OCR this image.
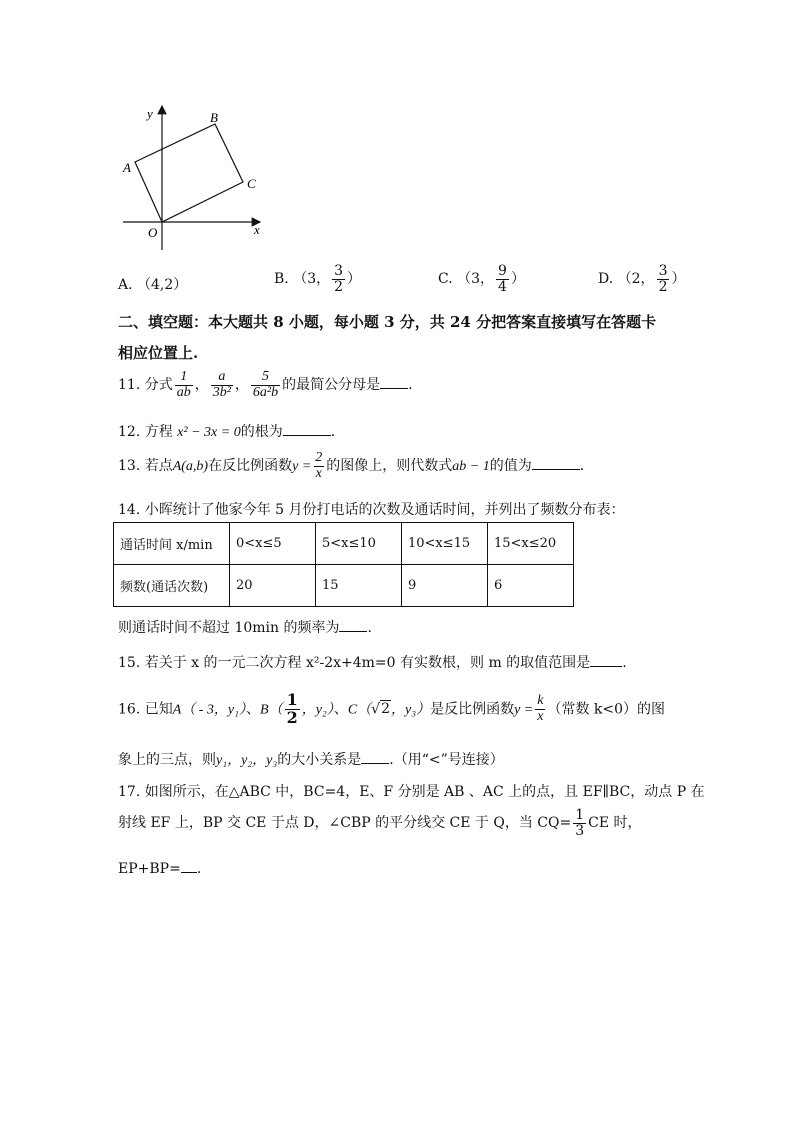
y
x
O
A
B
C
A. （4,2）	B. （3， $\frac{3}{2}$ ）	C. （3， $\frac{9}{4}$ ）	D. （2， $\frac{3}{2}$ ）
二、填空题：本大题共 8 小题，每小题 3 分，共 24 分把答案直接填写在答题卡
相应位置上.
11. 分式 $\frac{1}{ab}$ ， $\frac{a}{\text{3b²}}$ ， $\frac{5}{\text{6a²b}}$ 的最简公分母是 .
12. 方程 x² − 3x = 0的根为	.
13. 若点A(a,b)在反比例函数$y = \frac{2}{x}$ 的图像上，则代数式ab − 1的值为	.
14. 小晖统计了他家今年 5 月份打电话的次数及通话时间，并列出了频数分布表：
通话时间 x/min	0<x≤5	5<x≤10	10<x≤15	15<x≤20
频数(通话次数)	20	15	9	6
则通话时间不超过 10min 的频率为 .
15. 若关于 x 的一元二次方程 x²-2x+4m=0 有实数根，则 m 的取值范围是 .
16. 已知A（ - 3，y₁）、$B( \frac{1}{2}$ ，y₂）、C（√2，y₃）是反比例函数$y = \frac{k}{x}$ （常数 k<0）的图
象上的三点，则y₁，y₂，y₃的大小关系是 .（用“<”号连接）
17. 如图所示，在△ABC 中，BC=4，E、F 分别是 AB 、AC 上的点，且 EF∥BC，动点 P 在
射线 EF 上，BP 交 CE 于点 D，∠CBP 的平分线交 CE 于 Q，当 $CQ= \frac{1}{3}$ CE 时，
EP+BP= .
